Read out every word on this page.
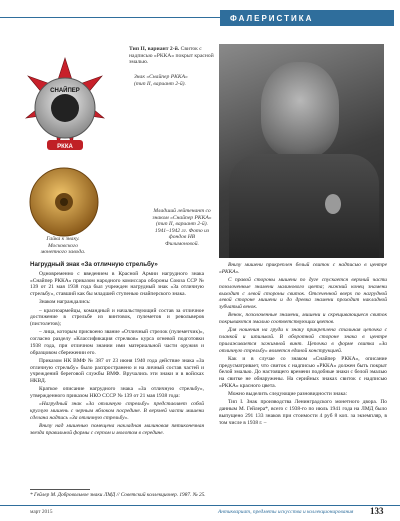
ФАЛЕРИСТИКА
Тип II, вариант 2-й. Свиток с надписью «РККА» покрыт красной эмалью.
Знак «Снайпер РККА» (тип II, вариант 2-й).
СНАЙПЕР
РККА
Гайка к знаку. Московского монетного завода.
Младший лейтенант со знаком «Снайпер РККА» (тип II, вариант 2-й). 1941–1942 гг. Фото из фондов НВ Филимоновой.
Нагрудный знак «За отличную стрельбу»

Одновременно с введением в Красной Армии нагрудного знака «Снайпер РККА» приказом народного комиссара обороны Союза ССР № 139 от 21 мая 1938 года был учрежден нагрудный знак «За отличную стрельбу», ставший как бы младшей ступенью снайперского знака.

Знаком награждались:

– красноармейцы, командный и начальствующий состав за отличное достижение в стрельбе из винтовок, пулеметов и револьверов (пистолетов);

– лица, которым присвоено звание «Отличный стрелок (пулеметчик)», согласно разделу «Классификация стрелков» курса огневой подготовки 1938 года, при отличном знании ими материальной части оружия и образцовом сбережении его.

Приказом НК ВМФ № 387 от 23 июня 1940 года действие знака «За отличную стрельбу» было распространено и на личный состав частей и учреждений береговой службы ВМФ. Вручались эти знаки и в войсках НКВД.

Краткое описание нагрудного знака «За отличную стрельбу», утвержденного приказом НКО СССР № 139 от 21 мая 1938 года:

«Нагрудный знак «За отличную стрельбу» представляет собой круглую мишень с черным яблоком посредине. В верхней части мишени сделана надпись «За отличную стрельбу».

Внизу над мишенью помещена накладная малиновая пятиконечная звезда правильной формы с серпом и молотом в середине.

Внизу мишени прикреплен белый свиток с надписью в центре «РККА».

С правой стороны мишени по дуге спускается верхний части позолоченные знамени малинового цвета; нижний конец знамени выходит с левой стороны свиток. Отсеченной вверх по нагрудной левой стороне мишени и до древка знамени проходит накладной зубчатый венок.

Венок, позолоченные знамени, мишени и скрещивающиеся свиток покрываются эмалью соответствующих цветов.

Для ношения на груди к знаку прикреплена стальная цепочка с планкой и шпилькой. В оборотной стороне знака в центре прилаживается зажимной винт. Цепочка в форме свитка «За отличную стрельбу» является единой конструкцией.

Как и в случае со знаком «Снайпер РККА», описание предусматривает, что свиток с надписью «РККА» должен быть покрыт белой эмалью. До настоящего времени подобные знаки с белой эмалью на свитке не обнаружены. На серийных знаках свиток с надписью «РККА» красного цвета.

Можно выделить следующие разновидности знака:

Тип I. Знак производства Ленинградского монетного двора. По данным М. Гейлера*, всего с 1938-го по июль 1941 года на ЛМД было выпущено 291 133 знаков при стоимости 4 руб 8 коп. за экземпляр, в том числе в 1938 г. –

* Гейлер М. Добровольное знаки ЛМД // Советский коллекционер. 1987. № 25.
март 2015	Антиквариат, предметы искусства и коллекционирования 133
